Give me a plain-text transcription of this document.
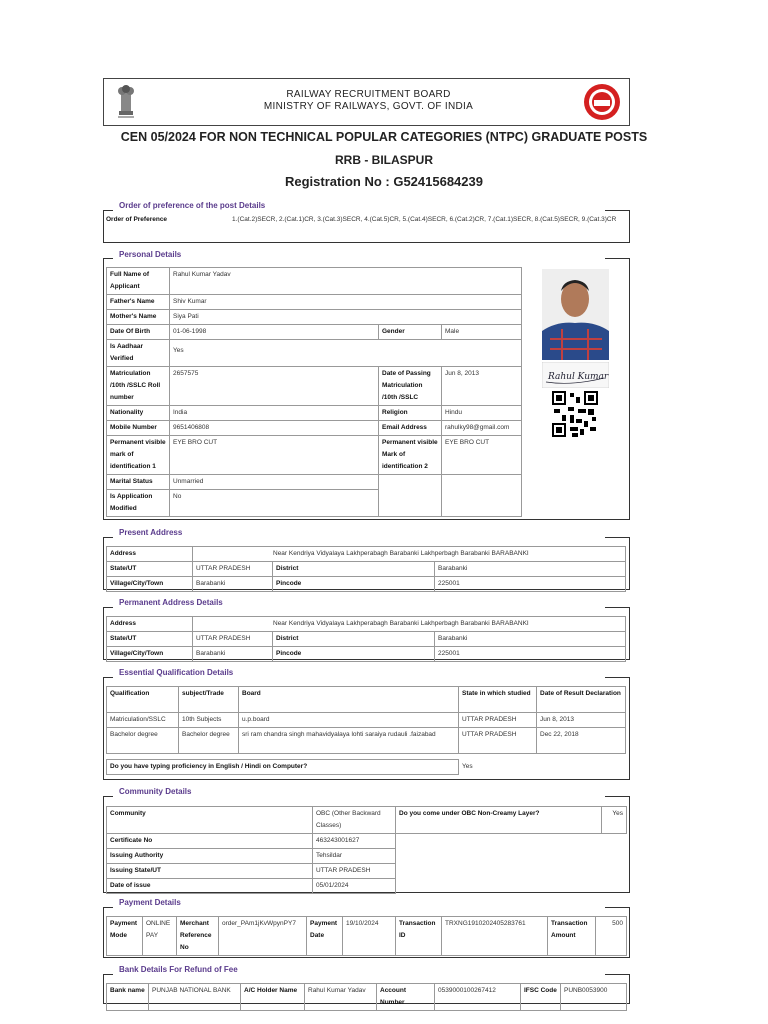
RAILWAY RECRUITMENT BOARD
MINISTRY OF RAILWAYS, GOVT. OF INDIA
CEN 05/2024 FOR NON TECHNICAL POPULAR CATEGORIES (NTPC) GRADUATE POSTS
RRB - BILASPUR
Registration No : G52415684239
Order of preference of the post Details
Order of Preference	1.(Cat.2)SECR, 2.(Cat.1)CR, 3.(Cat.3)SECR, 4.(Cat.5)CR, 5.(Cat.4)SECR, 6.(Cat.2)CR, 7.(Cat.1)SECR, 8.(Cat.5)SECR, 9.(Cat.3)CR
Personal Details
Full Name of Applicant	Rahul Kumar Yadav		
Father's Name	Shiv Kumar		
Mother's Name	Siya Pati		
Date Of Birth	01-06-1998	Gender	Male
Is Aadhaar Verified	Yes		
Matriculation /10th /SSLC Roll number	2657575	Date of Passing Matriculation /10th /SSLC	Jun 8, 2013
Nationality	India	Religion	Hindu
Mobile Number	9651406808	Email Address	rahulky98@gmail.com
Permanent visible mark of identification 1	EYE BRO CUT	Permanent visible Mark of identification 2	EYE BRO CUT
Marital Status	Unmarried		
Is Application Modified	No		
Rahul Kumar
Present Address
Address	Near Kendriya Vidyalaya Lakhperabagh Barabanki Lakhperbagh Barabanki BARABANKI		
State/UT	UTTAR PRADESH	District	Barabanki
Village/City/Town	Barabanki	Pincode	225001
Permanent Address Details
Address	Near Kendriya Vidyalaya Lakhperabagh Barabanki Lakhperbagh Barabanki BARABANKI		
State/UT	UTTAR PRADESH	District	Barabanki
Village/City/Town	Barabanki	Pincode	225001
Essential Qualification Details
Qualification	subject/Trade	Board	State in which studied	Date of Result Declaration
Matriculation/SSLC	10th Subjects	u.p.board	UTTAR PRADESH	Jun 8, 2013
Bachelor degree	Bachelor degree	sri ram chandra singh mahavidyalaya lohti saraiya rudauli .faizabad	UTTAR PRADESH	Dec 22, 2018

Do you have typing proficiency in English / Hindi on Computer?			Yes	
Community Details
Community	OBC (Other Backward Classes)	Do you come under OBC Non-Creamy Layer?	Yes
Certificate No	463243001627		
Issuing Authority	Tehsildar		
Issuing State/UT	UTTAR PRADESH		
Date of issue	05/01/2024		
Payment Details
Payment Mode	ONLINE PAY	Merchant Reference No	order_PAm1jKvWpynPY7	Payment Date	19/10/2024	Transaction ID	TRXNG1910202405283761	Transaction Amount	500
Bank Details For Refund of Fee
Bank name	PUNJAB NATIONAL BANK	A/C Holder Name	Rahul Kumar Yadav	Account Number	0539000100267412	IFSC Code	PUNB0053900
